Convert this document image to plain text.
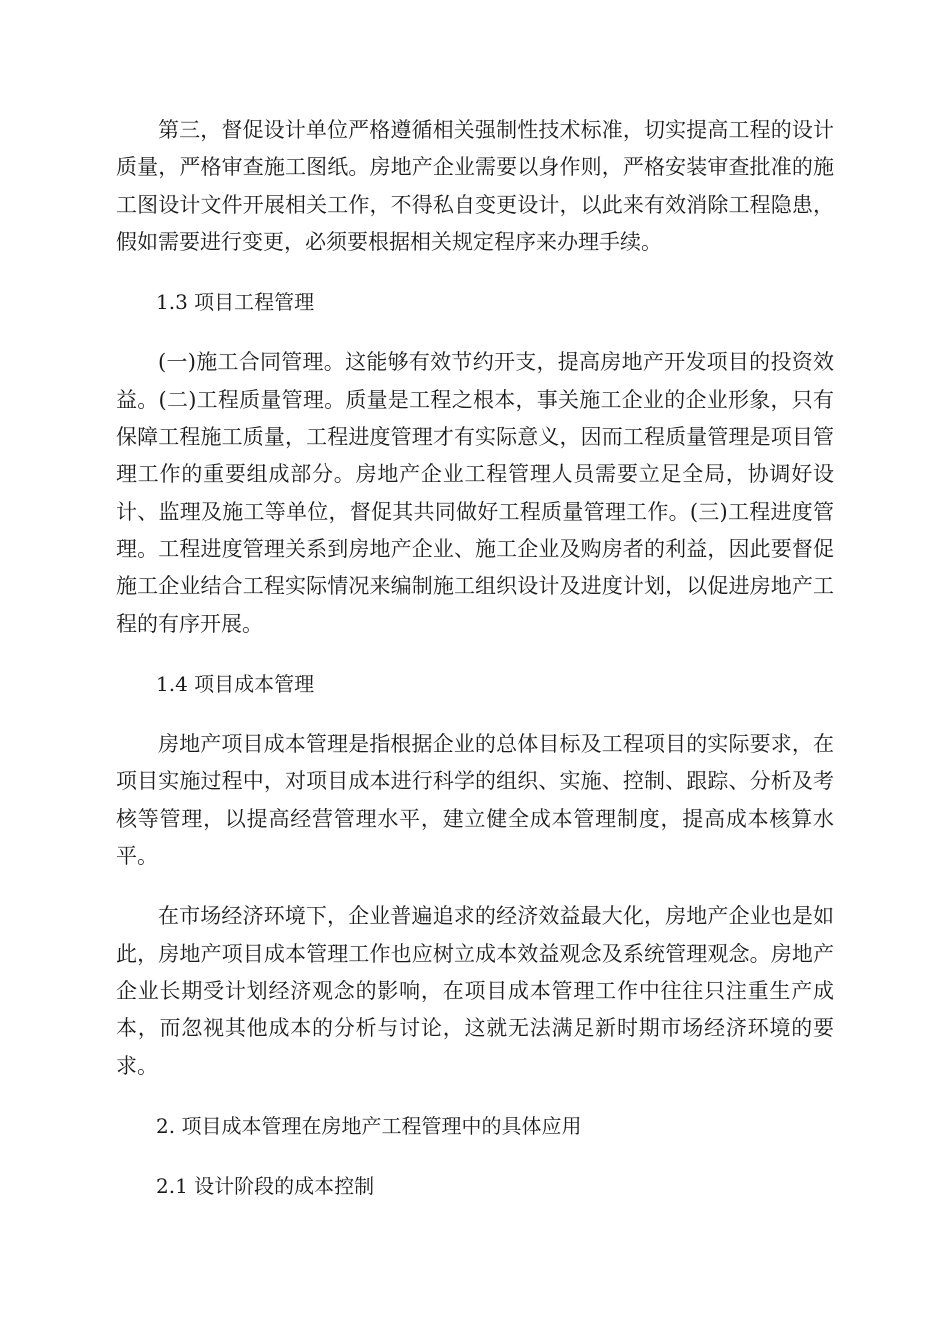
第三，督促设计单位严格遵循相关强制性技术标准，切实提高工程的设计质量，严格审查施工图纸。房地产企业需要以身作则，严格安装审查批准的施工图设计文件开展相关工作，不得私自变更设计，以此来有效消除工程隐患，假如需要进行变更，必须要根据相关规定程序来办理手续。

1.3 项目工程管理

(一)施工合同管理。这能够有效节约开支，提高房地产开发项目的投资效益。(二)工程质量管理。质量是工程之根本，事关施工企业的企业形象，只有保障工程施工质量，工程进度管理才有实际意义，因而工程质量管理是项目管理工作的重要组成部分。房地产企业工程管理人员需要立足全局，协调好设计、监理及施工等单位，督促其共同做好工程质量管理工作。(三)工程进度管理。工程进度管理关系到房地产企业、施工企业及购房者的利益，因此要督促施工企业结合工程实际情况来编制施工组织设计及进度计划，以促进房地产工程的有序开展。

1.4 项目成本管理

房地产项目成本管理是指根据企业的总体目标及工程项目的实际要求，在项目实施过程中，对项目成本进行科学的组织、实施、控制、跟踪、分析及考核等管理，以提高经营管理水平，建立健全成本管理制度，提高成本核算水平。

在市场经济环境下，企业普遍追求的经济效益最大化，房地产企业也是如此，房地产项目成本管理工作也应树立成本效益观念及系统管理观念。房地产企业长期受计划经济观念的影响，在项目成本管理工作中往往只注重生产成本，而忽视其他成本的分析与讨论，这就无法满足新时期市场经济环境的要求。

2. 项目成本管理在房地产工程管理中的具体应用

2.1 设计阶段的成本控制
